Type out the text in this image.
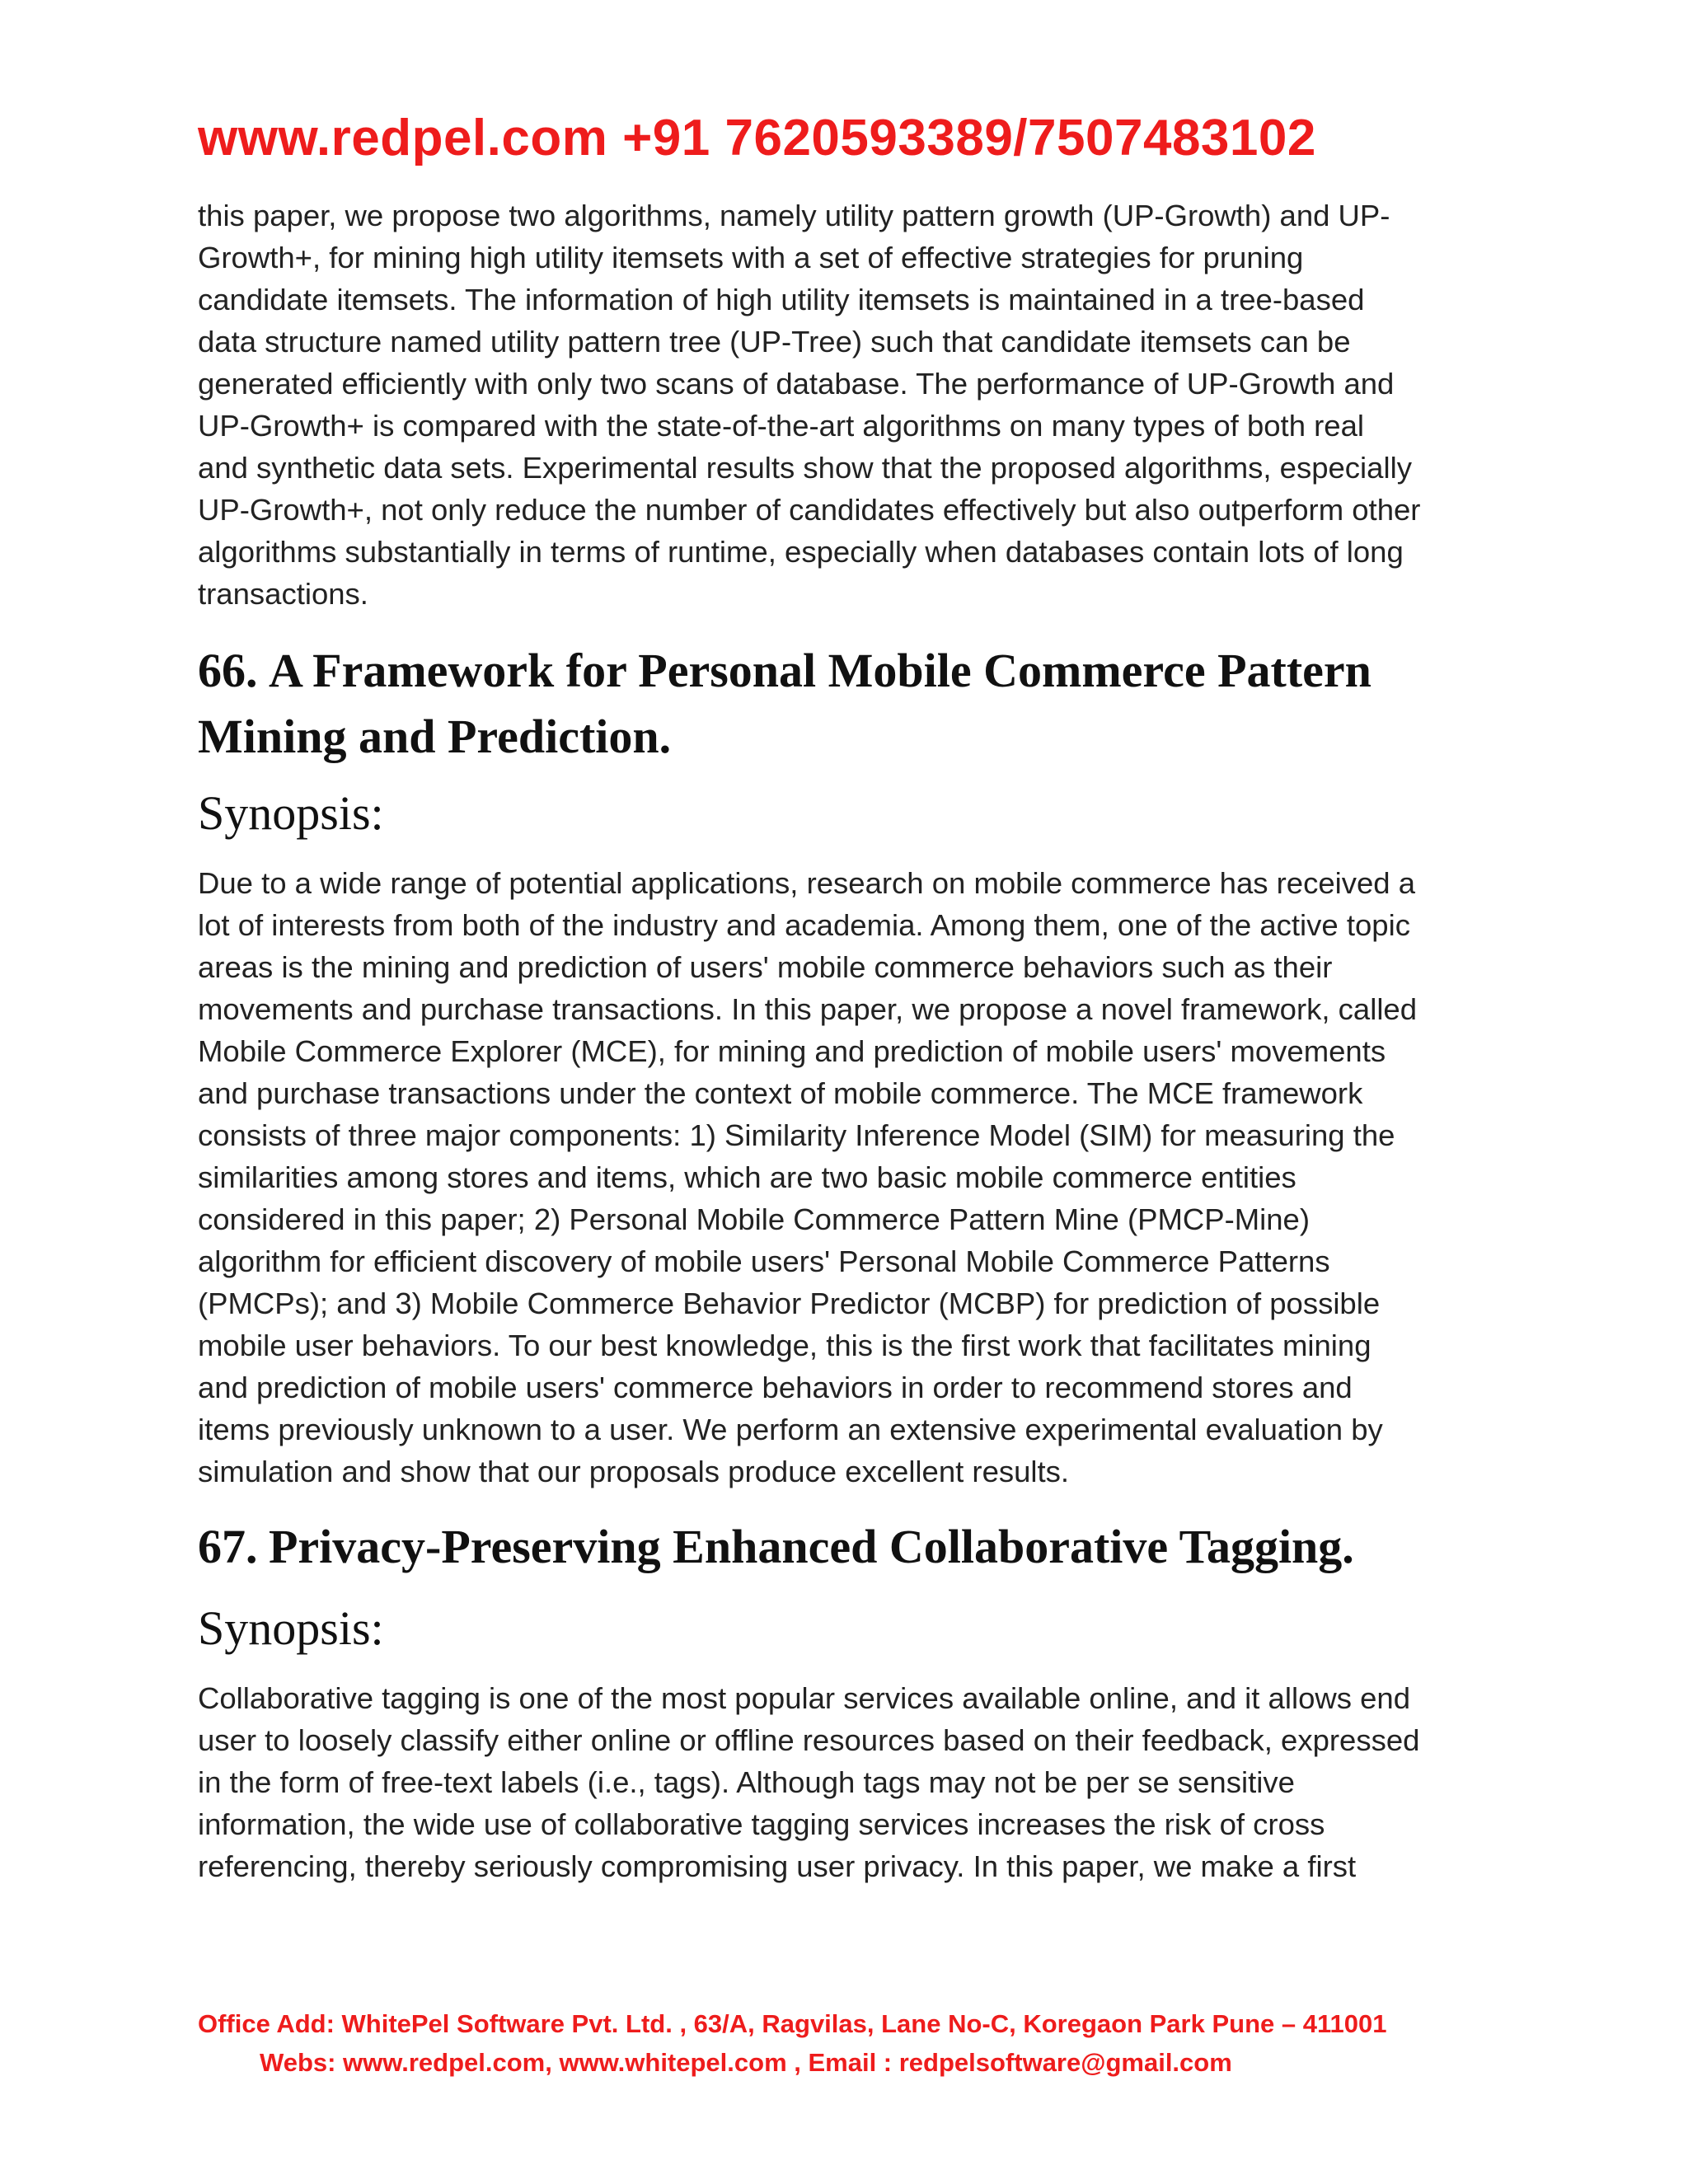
www.redpel.com +91 7620593389/7507483102

this paper, we propose two algorithms, namely utility pattern growth (UP-Growth) and UP-
Growth+, for mining high utility itemsets with a set of effective strategies for pruning
candidate itemsets. The information of high utility itemsets is maintained in a tree-based
data structure named utility pattern tree (UP-Tree) such that candidate itemsets can be
generated efficiently with only two scans of database. The performance of UP-Growth and
UP-Growth+ is compared with the state-of-the-art algorithms on many types of both real
and synthetic data sets. Experimental results show that the proposed algorithms, especially
UP-Growth+, not only reduce the number of candidates effectively but also outperform other
algorithms substantially in terms of runtime, especially when databases contain lots of long
transactions.

66. A Framework for Personal Mobile Commerce Pattern
Mining and Prediction.
Synopsis:

Due to a wide range of potential applications, research on mobile commerce has received a
lot of interests from both of the industry and academia. Among them, one of the active topic
areas is the mining and prediction of users' mobile commerce behaviors such as their
movements and purchase transactions. In this paper, we propose a novel framework, called
Mobile Commerce Explorer (MCE), for mining and prediction of mobile users' movements
and purchase transactions under the context of mobile commerce. The MCE framework
consists of three major components: 1) Similarity Inference Model (SIM) for measuring the
similarities among stores and items, which are two basic mobile commerce entities
considered in this paper; 2) Personal Mobile Commerce Pattern Mine (PMCP-Mine)
algorithm for efficient discovery of mobile users' Personal Mobile Commerce Patterns
(PMCPs); and 3) Mobile Commerce Behavior Predictor (MCBP) for prediction of possible
mobile user behaviors. To our best knowledge, this is the first work that facilitates mining
and prediction of mobile users' commerce behaviors in order to recommend stores and
items previously unknown to a user. We perform an extensive experimental evaluation by
simulation and show that our proposals produce excellent results.

67. Privacy-Preserving Enhanced Collaborative Tagging.
Synopsis:

Collaborative tagging is one of the most popular services available online, and it allows end
user to loosely classify either online or offline resources based on their feedback, expressed
in the form of free-text labels (i.e., tags). Although tags may not be per se sensitive
information, the wide use of collaborative tagging services increases the risk of cross
referencing, thereby seriously compromising user privacy. In this paper, we make a first

Office Add: WhitePel Software Pvt. Ltd. , 63/A, Ragvilas, Lane No-C, Koregaon Park Pune – 411001
Webs: www.redpel.com, www.whitepel.com , Email : redpelsoftware@gmail.com
